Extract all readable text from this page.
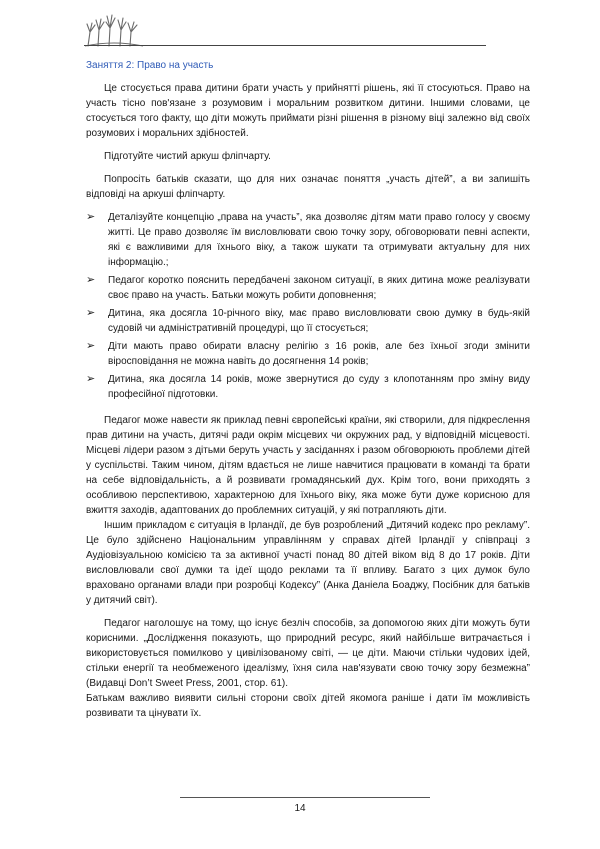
Заняття 2: Право на участь

Це стосується права дитини брати участь у прийнятті рішень, які її стосуються. Право на участь тісно пов'язане з розумовим і моральним розвитком дитини. Іншими словами, це стосується того факту, що діти можуть приймати різні рішення в різному віці залежно від своїх розумових і моральних здібностей.

Підготуйте чистий аркуш фліпчарту.

Попросіть батьків сказати, що для них означає поняття „участь дітей”, а ви запишіть відповіді на аркуші фліпчарту.

➢ Деталізуйте концепцію „права на участь”, яка дозволяє дітям мати право голосу у своєму житті. Це право дозволяє їм висловлювати свою точку зору, обговорювати певні аспекти, які є важливими для їхнього віку, а також шукати та отримувати актуальну для них інформацію.;
➢ Педагог коротко пояснить передбачені законом ситуації, в яких дитина може реалізувати своє право на участь. Батьки можуть робити доповнення;
➢ Дитина, яка досягла 10-річного віку, має право висловлювати свою думку в будь-якій судовій чи адміністративній процедурі, що її стосується;
➢ Діти мають право обирати власну релігію з 16 років, але без їхньої згоди змінити віросповідання не можна навіть до досягнення 14 років;
➢ Дитина, яка досягла 14 років, може звернутися до суду з клопотанням про зміну виду професійної підготовки.

Педагог може навести як приклад певні європейські країни, які створили, для підкреслення прав дитини на участь, дитячі ради окрім місцевих чи окружних рад, у відповідній місцевості. Місцеві лідери разом з дітьми беруть участь у засіданнях і разом обговорюють проблеми дітей у суспільстві. Таким чином, дітям вдається не лише навчитися працювати в команді та брати на себе відповідальність, а й розвивати громадянський дух. Крім того, вони приходять з особливою перспективою, характерною для їхнього віку, яка може бути дуже корисною для вжиття заходів, адаптованих до проблемних ситуацій, у які потрапляють діти.

Іншим прикладом є ситуація в Ірландії, де був розроблений „Дитячий кодекс про рекламу”. Це було здійснено Національним управлінням у справах дітей Ірландії у співпраці з Аудіовізуальною комісією та за активної участі понад 80 дітей віком від 8 до 17 років. Діти висловлювали свої думки та ідеї щодо реклами та її впливу. Багато з цих думок було враховано органами влади при розробці Кодексу” (Анка Даніела Боаджу, Посібник для батьків у дитячий світ).

Педагог наголошує на тому, що існує безліч способів, за допомогою яких діти можуть бути корисними. „Дослідження показують, що природний ресурс, який найбільше витрачається і використовується помилково у цивілізованому світі, — це діти. Маючи стільки чудових ідей, стільки енергії та необмеженого ідеалізму, їхня сила нав'язувати свою точку зору безмежна” (Видавці Don’t Sweet Press, 2001, стор. 61).

Батькам важливо виявити сильні сторони своїх дітей якомога раніше і дати їм можливість розвивати та цінувати їх.

14
